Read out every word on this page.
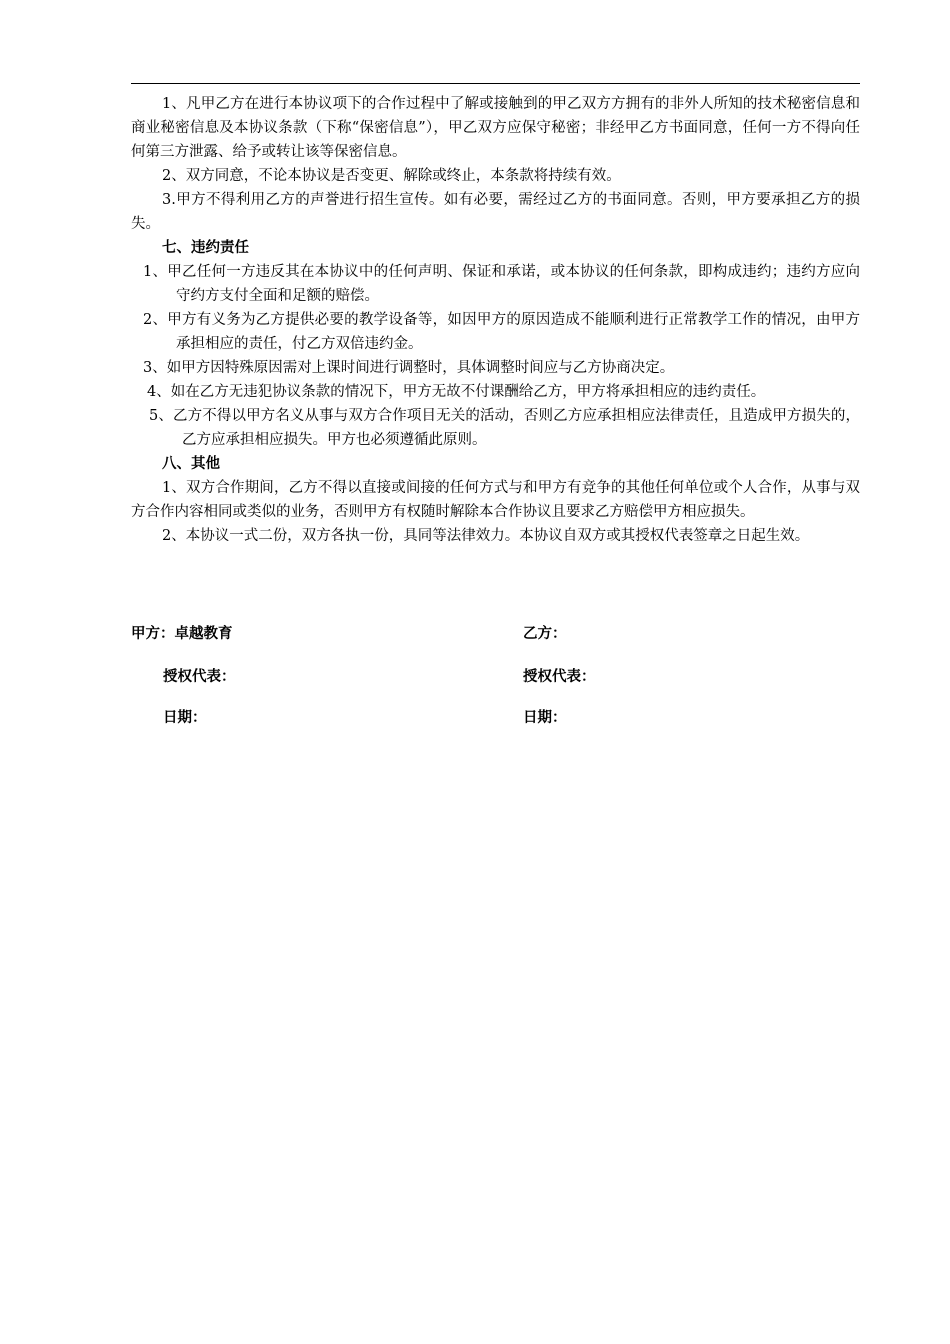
1、凡甲乙方在进行本协议项下的合作过程中了解或接触到的甲乙双方方拥有的非外人所知的技术秘密信息和商业秘密信息及本协议条款（下称“保密信息”），甲乙双方应保守秘密；非经甲乙方书面同意，任何一方不得向任何第三方泄露、给予或转让该等保密信息。

2、双方同意，不论本协议是否变更、解除或终止，本条款将持续有效。

3.甲方不得利用乙方的声誉进行招生宣传。如有必要，需经过乙方的书面同意。否则，甲方要承担乙方的损失。

七、违约责任

1、甲乙任何一方违反其在本协议中的任何声明、保证和承诺，或本协议的任何条款，即构成违约；违约方应向守约方支付全面和足额的赔偿。

2、甲方有义务为乙方提供必要的教学设备等，如因甲方的原因造成不能顺利进行正常教学工作的情况，由甲方承担相应的责任，付乙方双倍违约金。

3、如甲方因特殊原因需对上课时间进行调整时，具体调整时间应与乙方协商决定。

4、如在乙方无违犯协议条款的情况下，甲方无故不付课酬给乙方，甲方将承担相应的违约责任。

5、乙方不得以甲方名义从事与双方合作项目无关的活动，否则乙方应承担相应法律责任，且造成甲方损失的，乙方应承担相应损失。甲方也必须遵循此原则。

八、其他

1、双方合作期间，乙方不得以直接或间接的任何方式与和甲方有竞争的其他任何单位或个人合作，从事与双方合作内容相同或类似的业务，否则甲方有权随时解除本合作协议且要求乙方赔偿甲方相应损失。

2、本协议一式二份，双方各执一份，具同等法律效力。本协议自双方或其授权代表签章之日起生效。

甲方：卓越教育	乙方：
授权代表：	授权代表：
日期：	日期：
